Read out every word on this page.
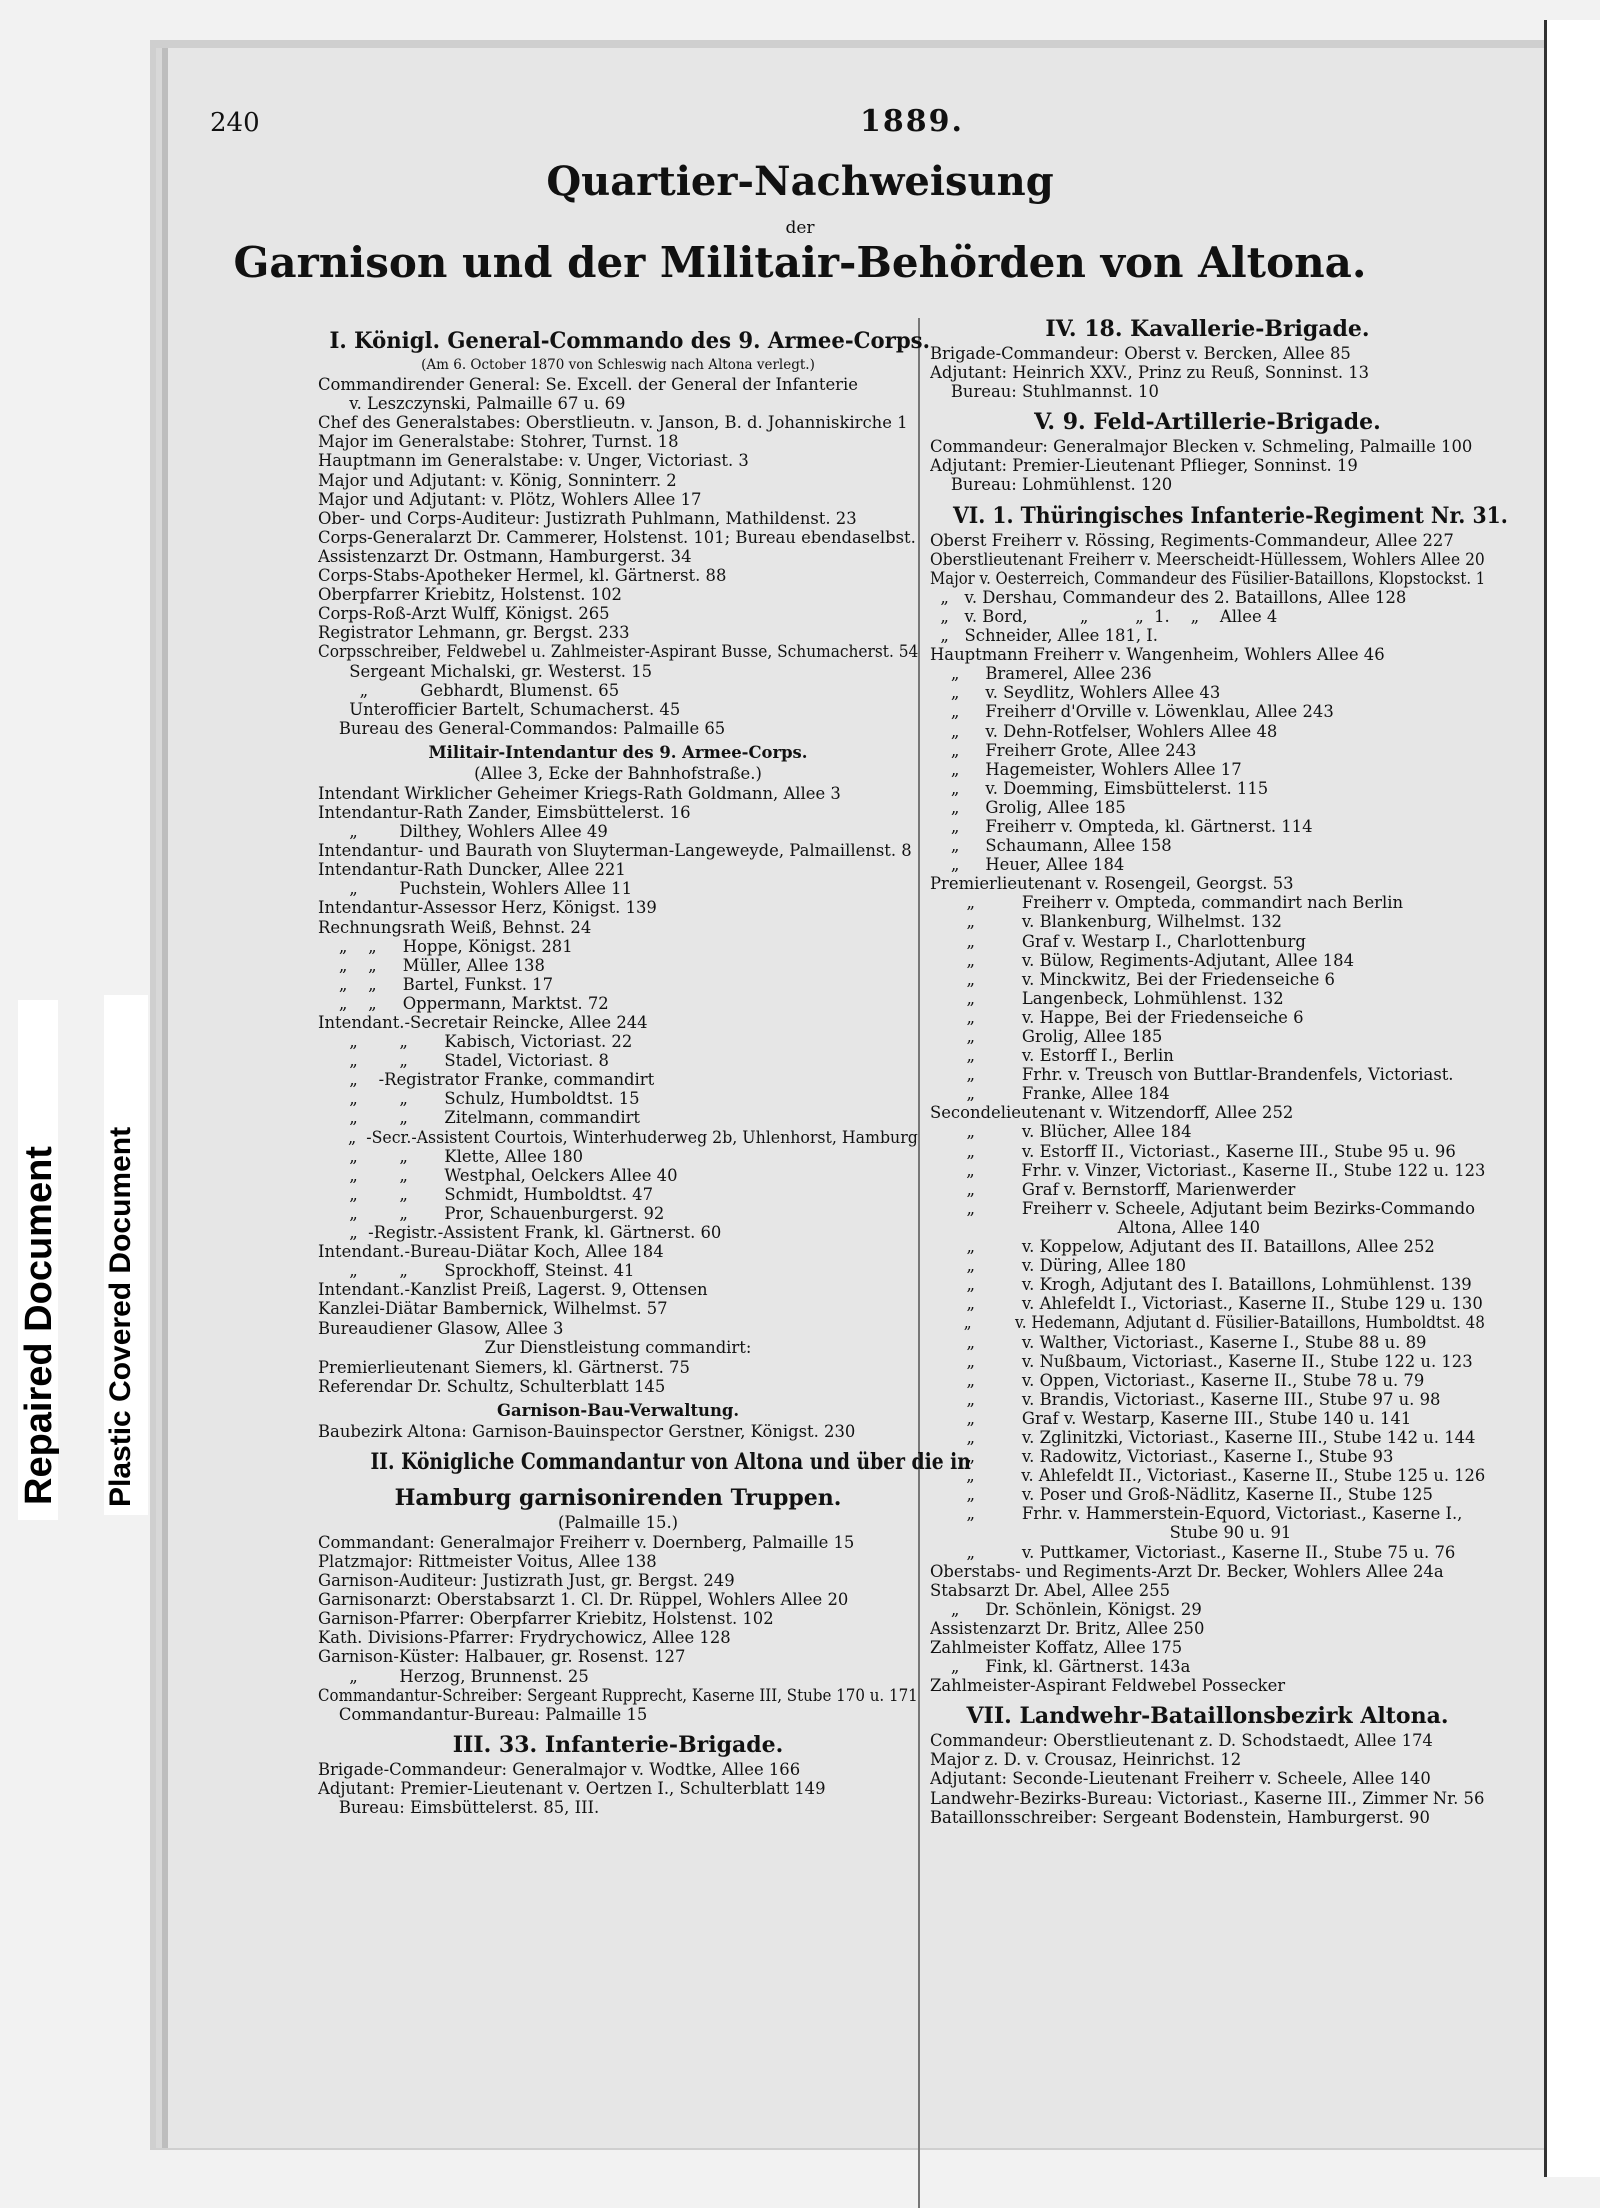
Repaired Document Plastic Covered Document
240	1889.
Quartier-Nachweisung
der
Garnison und der Militair-Behörden von Altona.
I. Königl. General-Commando des 9. Armee-Corps.
(Am 6. October 1870 von Schleswig nach Altona verlegt.)
Commandirender General: Se. Excell. der General der Infanterie
v. Leszczynski, Palmaille 67 u. 69
Chef des Generalstabes: Oberstlieutn. v. Janson, B. d. Johanniskirche 1
Major im Generalstabe: Stohrer, Turnst. 18
Hauptmann im Generalstabe: v. Unger, Victoriast. 3
Major und Adjutant: v. König, Sonninterr. 2
Major und Adjutant: v. Plötz, Wohlers Allee 17
Ober- und Corps-Auditeur: Justizrath Puhlmann, Mathildenst. 23
Corps-Generalarzt Dr. Cammerer, Holstenst. 101; Bureau ebendaselbst.
Assistenzarzt Dr. Ostmann, Hamburgerst. 34
Corps-Stabs-Apotheker Hermel, kl. Gärtnerst. 88
Oberpfarrer Kriebitz, Holstenst. 102
Corps-Roß-Arzt Wulff, Königst. 265
Registrator Lehmann, gr. Bergst. 233
Corpsschreiber, Feldwebel u. Zahlmeister-Aspirant Busse, Schumacherst. 54
Sergeant Michalski, gr. Westerst. 15
„          Gebhardt, Blumenst. 65
Unterofficier Bartelt, Schumacherst. 45
Bureau des General-Commandos: Palmaille 65
Militair-Intendantur des 9. Armee-Corps.
(Allee 3, Ecke der Bahnhofstraße.)
Intendant Wirklicher Geheimer Kriegs-Rath Goldmann, Allee 3
Intendantur-Rath Zander, Eimsbüttelerst. 16
„        Dilthey, Wohlers Allee 49
Intendantur- und Baurath von Sluyterman-Langeweyde, Palmaillenst. 8
Intendantur-Rath Duncker, Allee 221
„        Puchstein, Wohlers Allee 11
Intendantur-Assessor Herz, Königst. 139
Rechnungsrath Weiß, Behnst. 24
„    „     Hoppe, Königst. 281
„    „     Müller, Allee 138
„    „     Bartel, Funkst. 17
„    „     Oppermann, Marktst. 72
Intendant.-Secretair Reincke, Allee 244
„        „       Kabisch, Victoriast. 22
„        „       Stadel, Victoriast. 8
„    -Registrator Franke, commandirt
„        „       Schulz, Humboldtst. 15
„        „       Zitelmann, commandirt
„  -Secr.-Assistent Courtois, Winterhuderweg 2b, Uhlenhorst, Hamburg
„        „       Klette, Allee 180
„        „       Westphal, Oelckers Allee 40
„        „       Schmidt, Humboldtst. 47
„        „       Pror, Schauenburgerst. 92
„  -Registr.-Assistent Frank, kl. Gärtnerst. 60
Intendant.-Bureau-Diätar Koch, Allee 184
„        „       Sprockhoff, Steinst. 41
Intendant.-Kanzlist Preiß, Lagerst. 9, Ottensen
Kanzlei-Diätar Bambernick, Wilhelmst. 57
Bureaudiener Glasow, Allee 3
Zur Dienstleistung commandirt:
Premierlieutenant Siemers, kl. Gärtnerst. 75
Referendar Dr. Schultz, Schulterblatt 145
Garnison-Bau-Verwaltung.
Baubezirk Altona: Garnison-Bauinspector Gerstner, Königst. 230
II. Königliche Commandantur von Altona und über die in
Hamburg garnisonirenden Truppen.
(Palmaille 15.)
Commandant: Generalmajor Freiherr v. Doernberg, Palmaille 15
Platzmajor: Rittmeister Voitus, Allee 138
Garnison-Auditeur: Justizrath Just, gr. Bergst. 249
Garnisonarzt: Oberstabsarzt 1. Cl. Dr. Rüppel, Wohlers Allee 20
Garnison-Pfarrer: Oberpfarrer Kriebitz, Holstenst. 102
Kath. Divisions-Pfarrer: Frydrychowicz, Allee 128
Garnison-Küster: Halbauer, gr. Rosenst. 127
„        Herzog, Brunnenst. 25
Commandantur-Schreiber: Sergeant Rupprecht, Kaserne III, Stube 170 u. 171
Commandantur-Bureau: Palmaille 15
III. 33. Infanterie-Brigade.
Brigade-Commandeur: Generalmajor v. Wodtke, Allee 166
Adjutant: Premier-Lieutenant v. Oertzen I., Schulterblatt 149
Bureau: Eimsbüttelerst. 85, III.
IV. 18. Kavallerie-Brigade.
Brigade-Commandeur: Oberst v. Bercken, Allee 85
Adjutant: Heinrich XXV., Prinz zu Reuß, Sonninst. 13
Bureau: Stuhlmannst. 10
V. 9. Feld-Artillerie-Brigade.
Commandeur: Generalmajor Blecken v. Schmeling, Palmaille 100
Adjutant: Premier-Lieutenant Pflieger, Sonninst. 19
Bureau: Lohmühlenst. 120
VI. 1. Thüringisches Infanterie-Regiment Nr. 31.
Oberst Freiherr v. Rössing, Regiments-Commandeur, Allee 227
Oberstlieutenant Freiherr v. Meerscheidt-Hüllessem, Wohlers Allee 20
Major v. Oesterreich, Commandeur des Füsilier-Bataillons, Klopstockst. 1
„   v. Dershau, Commandeur des 2. Bataillons, Allee 128
„   v. Bord,          „         „  1.    „    Allee 4
„   Schneider, Allee 181, I.
Hauptmann Freiherr v. Wangenheim, Wohlers Allee 46
„     Bramerel, Allee 236
„     v. Seydlitz, Wohlers Allee 43
„     Freiherr d'Orville v. Löwenklau, Allee 243
„     v. Dehn-Rotfelser, Wohlers Allee 48
„     Freiherr Grote, Allee 243
„     Hagemeister, Wohlers Allee 17
„     v. Doemming, Eimsbüttelerst. 115
„     Grolig, Allee 185
„     Freiherr v. Ompteda, kl. Gärtnerst. 114
„     Schaumann, Allee 158
„     Heuer, Allee 184
Premierlieutenant v. Rosengeil, Georgst. 53
„         Freiherr v. Ompteda, commandirt nach Berlin
„         v. Blankenburg, Wilhelmst. 132
„         Graf v. Westarp I., Charlottenburg
„         v. Bülow, Regiments-Adjutant, Allee 184
„         v. Minckwitz, Bei der Friedenseiche 6
„         Langenbeck, Lohmühlenst. 132
„         v. Happe, Bei der Friedenseiche 6
„         Grolig, Allee 185
„         v. Estorff I., Berlin
„         Frhr. v. Treusch von Buttlar-Brandenfels, Victoriast.
„         Franke, Allee 184
Secondelieutenant v. Witzendorff, Allee 252
„         v. Blücher, Allee 184
„         v. Estorff II., Victoriast., Kaserne III., Stube 95 u. 96
„         Frhr. v. Vinzer, Victoriast., Kaserne II., Stube 122 u. 123
„         Graf v. Bernstorff, Marienwerder
„         Freiherr v. Scheele, Adjutant beim Bezirks-Commando
Altona, Allee 140
„         v. Koppelow, Adjutant des II. Bataillons, Allee 252
„         v. Düring, Allee 180
„         v. Krogh, Adjutant des I. Bataillons, Lohmühlenst. 139
„         v. Ahlefeldt I., Victoriast., Kaserne II., Stube 129 u. 130
„         v. Hedemann, Adjutant d. Füsilier-Bataillons, Humboldtst. 48
„         v. Walther, Victoriast., Kaserne I., Stube 88 u. 89
„         v. Nußbaum, Victoriast., Kaserne II., Stube 122 u. 123
„         v. Oppen, Victoriast., Kaserne II., Stube 78 u. 79
„         v. Brandis, Victoriast., Kaserne III., Stube 97 u. 98
„         Graf v. Westarp, Kaserne III., Stube 140 u. 141
„         v. Zglinitzki, Victoriast., Kaserne III., Stube 142 u. 144
„         v. Radowitz, Victoriast., Kaserne I., Stube 93
„         v. Ahlefeldt II., Victoriast., Kaserne II., Stube 125 u. 126
„         v. Poser und Groß-Nädlitz, Kaserne II., Stube 125
„         Frhr. v. Hammerstein-Equord, Victoriast., Kaserne I.,
Stube 90 u. 91
„         v. Puttkamer, Victoriast., Kaserne II., Stube 75 u. 76
Oberstabs- und Regiments-Arzt Dr. Becker, Wohlers Allee 24a
Stabsarzt Dr. Abel, Allee 255
„     Dr. Schönlein, Königst. 29
Assistenzarzt Dr. Britz, Allee 250
Zahlmeister Koffatz, Allee 175
„     Fink, kl. Gärtnerst. 143a
Zahlmeister-Aspirant Feldwebel Possecker
VII. Landwehr-Bataillonsbezirk Altona.
Commandeur: Oberstlieutenant z. D. Schodstaedt, Allee 174
Major z. D. v. Crousaz, Heinrichst. 12
Adjutant: Seconde-Lieutenant Freiherr v. Scheele, Allee 140
Landwehr-Bezirks-Bureau: Victoriast., Kaserne III., Zimmer Nr. 56
Bataillonsschreiber: Sergeant Bodenstein, Hamburgerst. 90
